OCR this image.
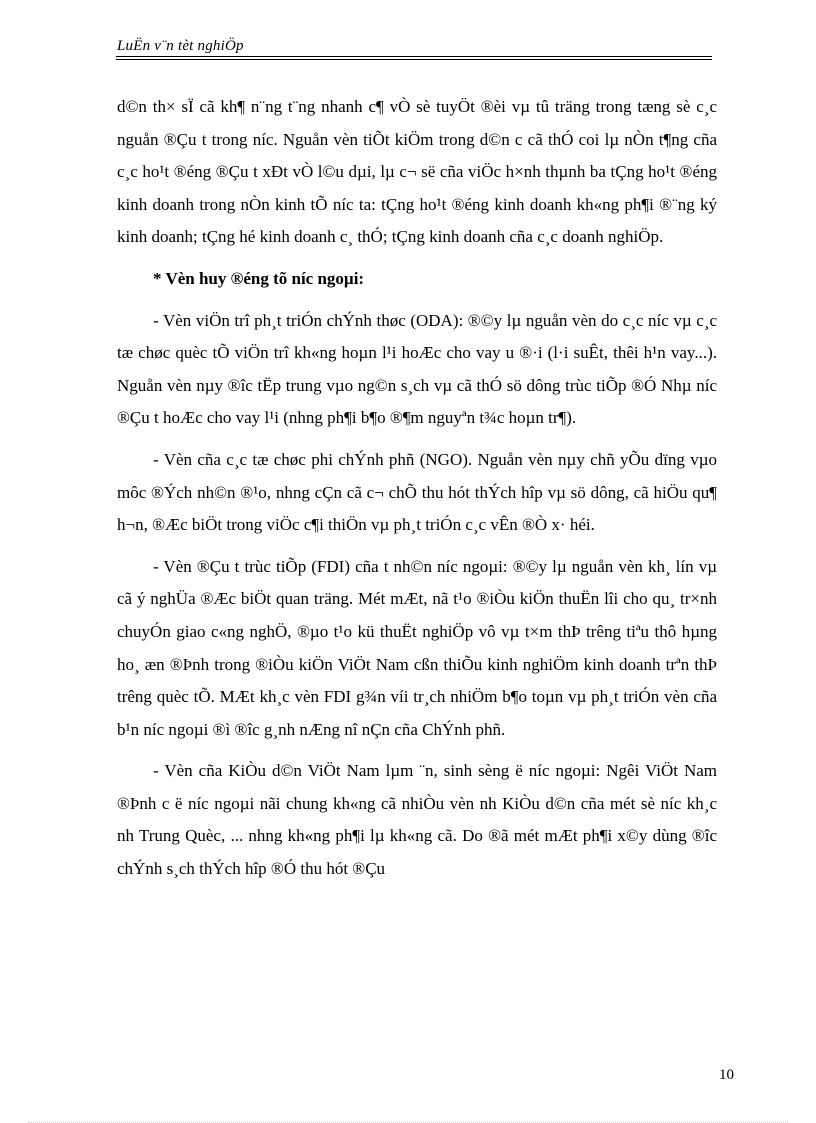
LuËn v¨n tèt nghiÖp

d©n th× sÏ cã kh¶ n¨ng t¨ng nhanh c¶ vÒ sè tuyÖt ®èi vµ tû träng trong tæng sè c¸c nguån ®Çu t trong níc. Nguån vèn tiÕt kiÖm trong d©n c cã thÓ coi lµ nÒn t¶ng cña c¸c ho¹t ®éng ®Çu t xÐt vÒ l©u dµi, lµ c¬ së cña viÖc h×nh thµnh ba tÇng ho¹t ®éng kinh doanh trong nÒn kinh tÕ níc ta: tÇng ho¹t ®éng kinh doanh kh«ng ph¶i ®¨ng ký kinh doanh; tÇng hé kinh doanh c¸ thÓ; tÇng kinh doanh cña c¸c doanh nghiÖp.

* Vèn huy ®éng tõ níc ngoµi:

- Vèn viÖn trî ph¸t triÓn chÝnh thøc (ODA): ®©y lµ nguån vèn do c¸c níc vµ c¸c tæ chøc quèc tÕ viÖn trî kh«ng hoµn l¹i hoÆc cho vay u ®·i (l·i suÊt, thêi h¹n vay...). Nguån vèn nµy ®îc tËp trung vµo ng©n s¸ch vµ cã thÓ sö dông trùc tiÕp ®Ó Nhµ níc ®Çu t hoÆc cho vay l¹i (nhng ph¶i b¶o ®¶m nguyªn t¾c hoµn tr¶).

- Vèn cña c¸c tæ chøc phi chÝnh phñ (NGO). Nguån vèn nµy chñ yÕu dïng vµo môc ®Ých nh©n ®¹o, nhng cÇn cã c¬ chÕ thu hót thÝch hîp vµ sö dông, cã hiÖu qu¶ h¬n, ®Æc biÖt trong viÖc c¶i thiÖn vµ ph¸t triÓn c¸c vÊn ®Ò x· héi.

- Vèn ®Çu t trùc tiÕp (FDI) cña t nh©n níc ngoµi: ®©y lµ nguån vèn kh¸ lín vµ cã ý nghÜa ®Æc biÖt quan träng. Mét mÆt, nã t¹o ®iÒu kiÖn thuËn lîi cho qu¸ tr×nh chuyÓn giao c«ng nghÖ, ®µo t¹o kü thuËt nghiÖp vô vµ t×m thÞ trêng tiªu thô hµng ho¸ æn ®Þnh trong ®iÒu kiÖn ViÖt Nam cßn thiÕu kinh nghiÖm kinh doanh trªn thÞ trêng quèc tÕ. MÆt kh¸c vèn FDI g¾n víi tr¸ch nhiÖm b¶o toµn vµ ph¸t triÓn vèn cña b¹n níc ngoµi ®ì ®îc g¸nh nÆng nî nÇn cña ChÝnh phñ.

- Vèn cña KiÒu d©n ViÖt Nam lµm ¨n, sinh sèng ë níc ngoµi: Ngêi ViÖt Nam ®Þnh c ë níc ngoµi nãi chung kh«ng cã nhiÒu vèn nh KiÒu d©n cña mét sè níc kh¸c nh Trung Quèc, ... nhng kh«ng ph¶i lµ kh«ng cã. Do ®ã mét mÆt ph¶i x©y dùng ®îc chÝnh s¸ch thÝch hîp ®Ó thu hót ®Çu

10
